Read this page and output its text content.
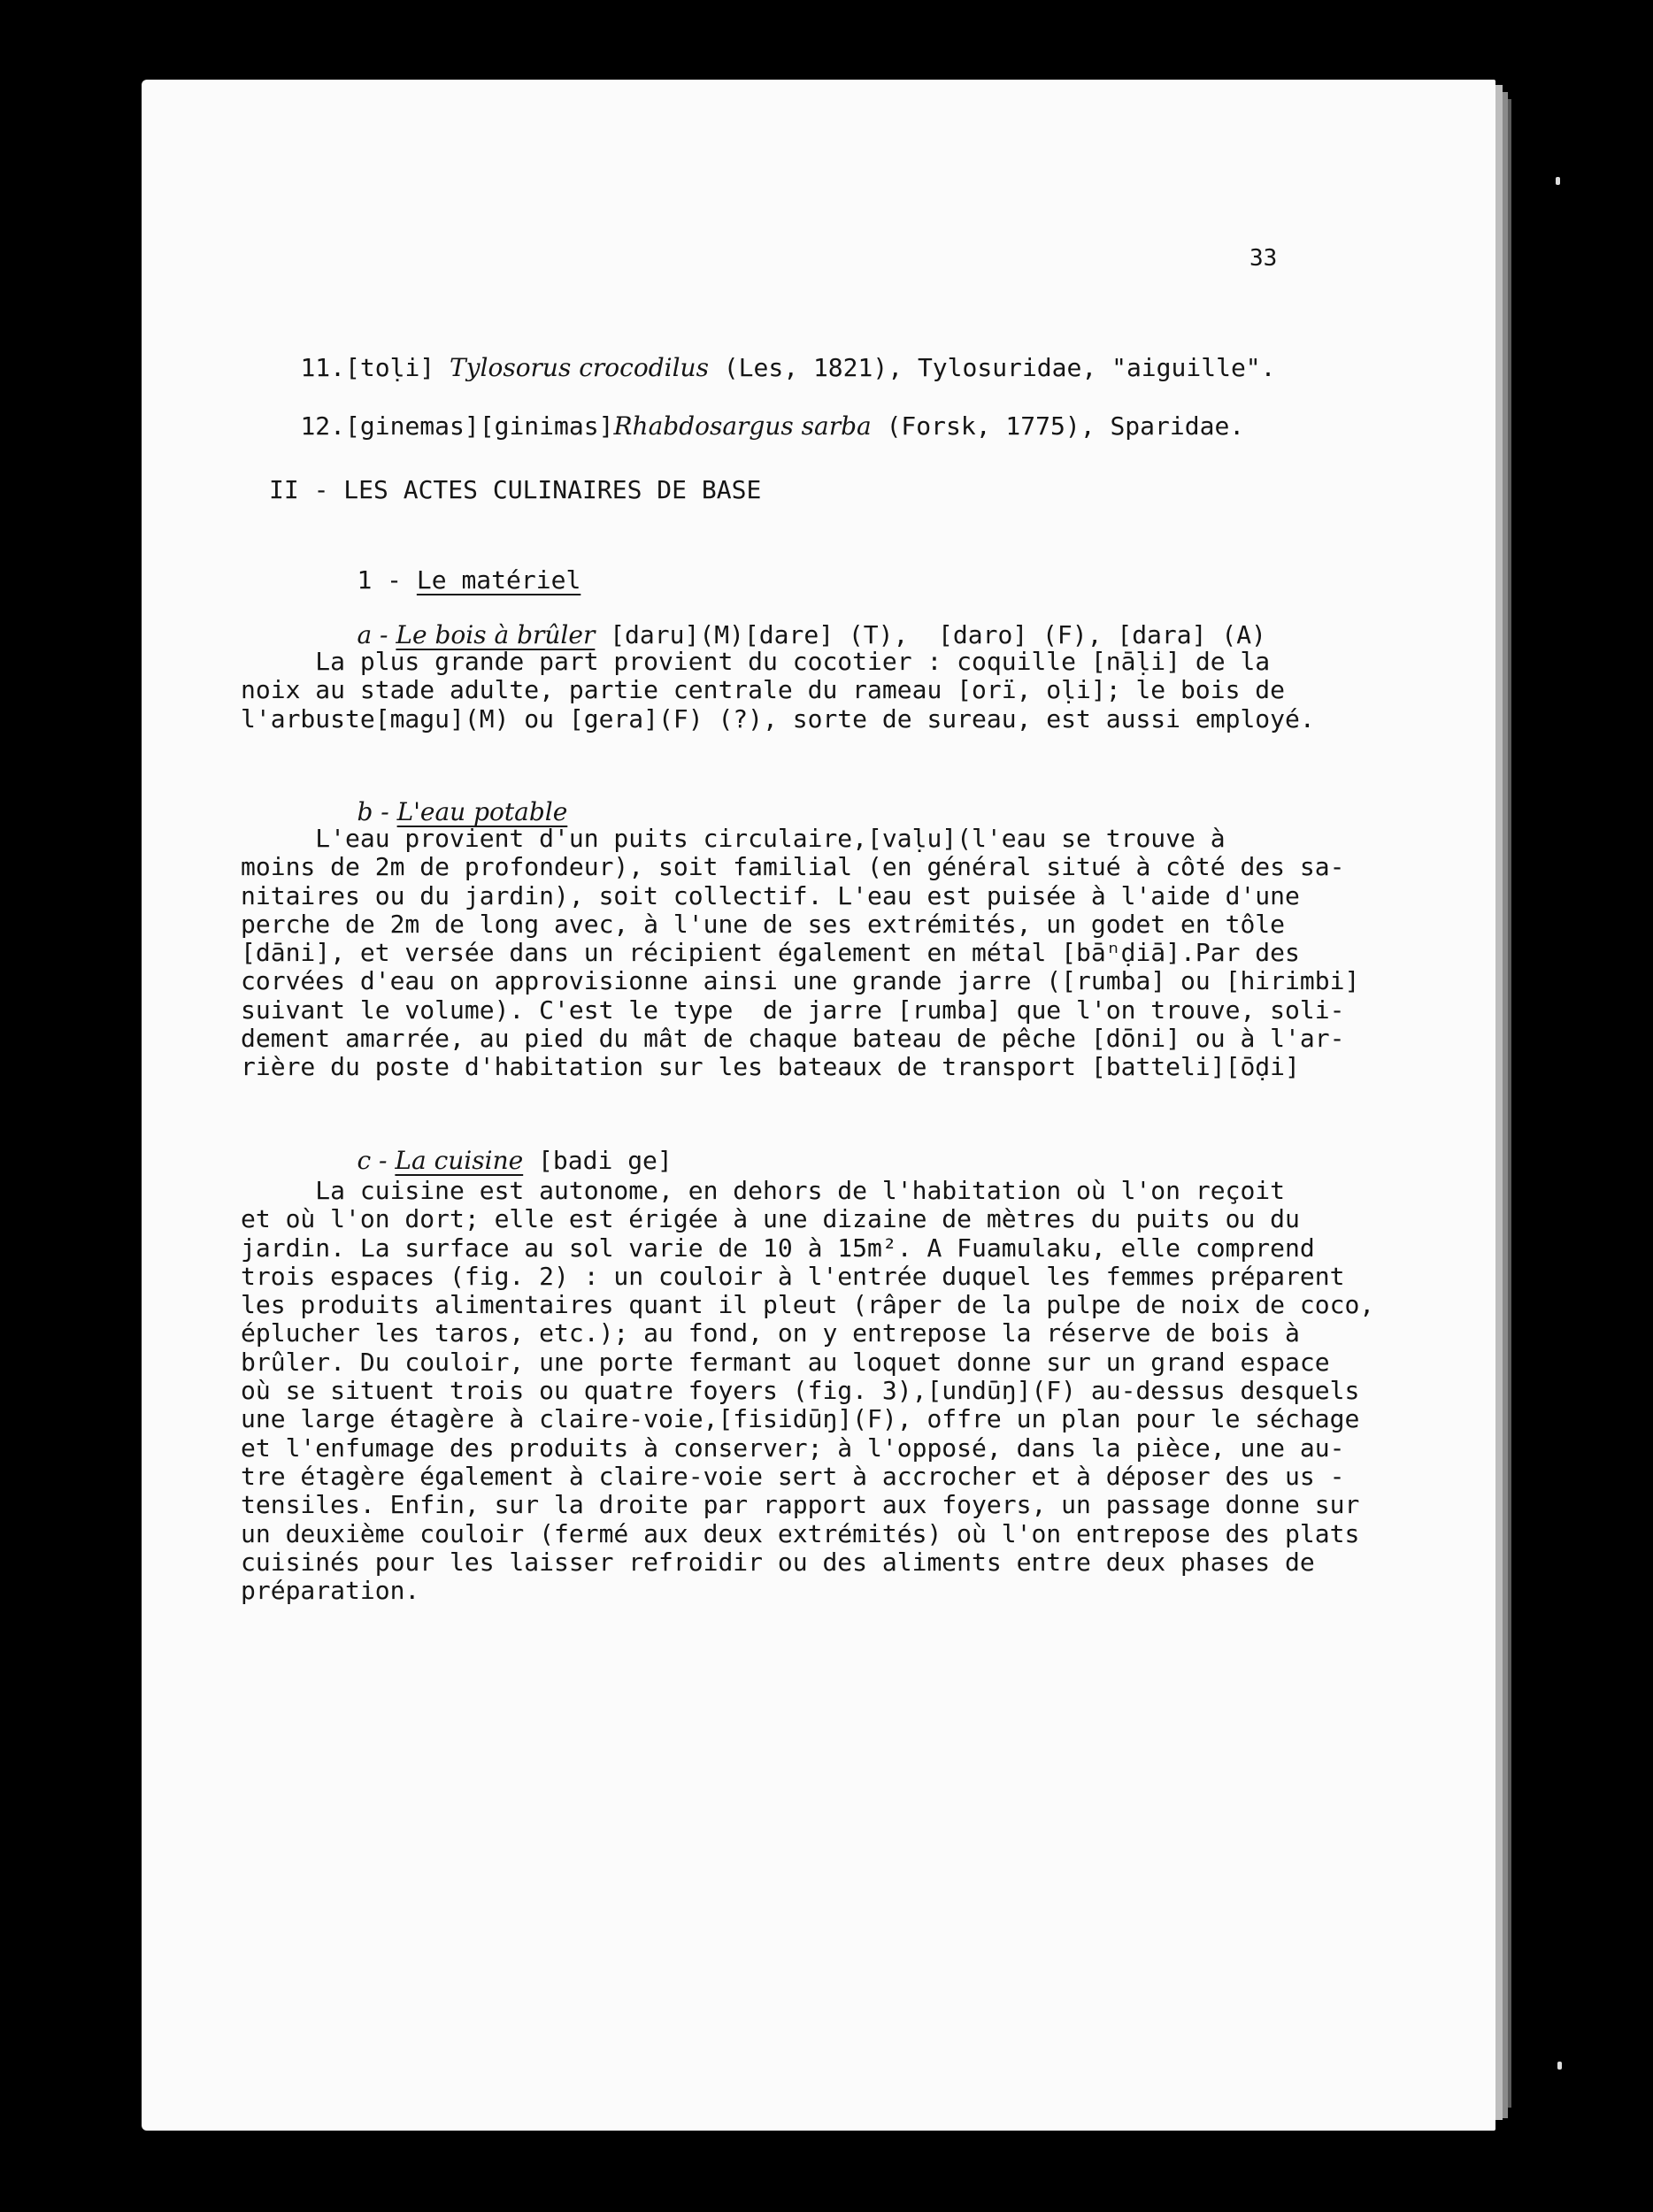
33

11.[toḷi] Tylosorus crocodilus (Les, 1821), Tylosuridae, "aiguille".

12.[ginemas][ginimas]Rhabdosargus sarba (Forsk, 1775), Sparidae.

II - LES ACTES CULINAIRES DE BASE

1 - Le matériel

a - Le bois à brûler [daru](M)[dare] (T),  [daro] (F), [dara] (A)

La plus grande part provient du cocotier : coquille [nāḷi] de la
noix au stade adulte, partie centrale du rameau [orï, oḷi]; le bois de
l'arbuste[magu](M) ou [gera](F) (?), sorte de sureau, est aussi employé.

b - L'eau potable

L'eau provient d'un puits circulaire,[vaḷu](l'eau se trouve à
moins de 2m de profondeur), soit familial (en général situé à côté des sa-
nitaires ou du jardin), soit collectif. L'eau est puisée à l'aide d'une
perche de 2m de long avec, à l'une de ses extrémités, un godet en tôle
[dāni], et versée dans un récipient également en métal [bāⁿḍiā].Par des
corvées d'eau on approvisionne ainsi une grande jarre ([rumba] ou [hirimbi]
suivant le volume). C'est le type  de jarre [rumba] que l'on trouve, soli-
dement amarrée, au pied du mât de chaque bateau de pêche [dōni] ou à l'ar-
rière du poste d'habitation sur les bateaux de transport [batteli][ōḍi]

c - La cuisine [badi ge]

La cuisine est autonome, en dehors de l'habitation où l'on reçoit
et où l'on dort; elle est érigée à une dizaine de mètres du puits ou du
jardin. La surface au sol varie de 10 à 15m². A Fuamulaku, elle comprend
trois espaces (fig. 2) : un couloir à l'entrée duquel les femmes préparent
les produits alimentaires quant il pleut (râper de la pulpe de noix de coco,
éplucher les taros, etc.); au fond, on y entrepose la réserve de bois à
brûler. Du couloir, une porte fermant au loquet donne sur un grand espace
où se situent trois ou quatre foyers (fig. 3),[undūŋ](F) au-dessus desquels
une large étagère à claire-voie,[fisidūŋ](F), offre un plan pour le séchage
et l'enfumage des produits à conserver; à l'opposé, dans la pièce, une au-
tre étagère également à claire-voie sert à accrocher et à déposer des us -
tensiles. Enfin, sur la droite par rapport aux foyers, un passage donne sur
un deuxième couloir (fermé aux deux extrémités) où l'on entrepose des plats
cuisinés pour les laisser refroidir ou des aliments entre deux phases de
préparation.
